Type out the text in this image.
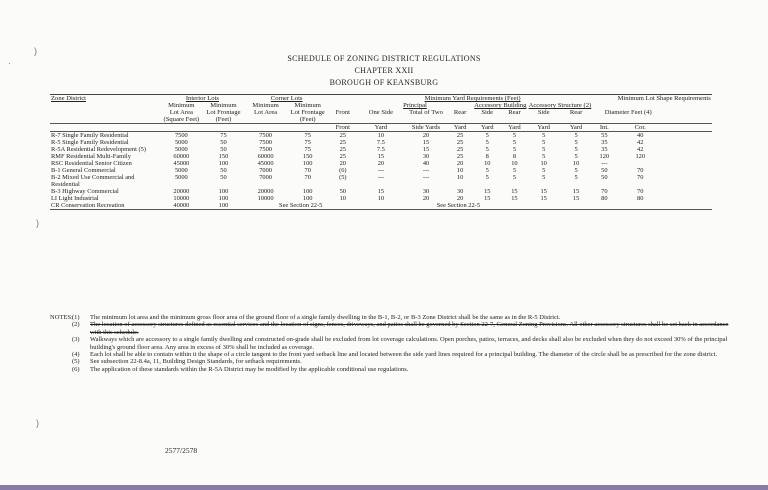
SCHEDULE OF ZONING DISTRICT REGULATIONS
CHAPTER XXII
BOROUGH OF KEANSBURG
)
·
)
)
Zone District	Interior Lots		Corner Lots		Minimum Yard Requirements (Feet)									Minimum Lot Shape Requirements	
	Minimum	Minimum	Minimum	Minimum		Principal			Accessory Building		Accessory Structure (2)				
	Lot Area (Square Feet)	Lot Frontage (Feet)	Lot Area	Lot Frontage (Feet)	Front	One Side	Total of Two	Rear	Side	Rear	Side	Rear	Diameter Feet (4)		
					Front	Yard	Side Yards	Yard	Yard	Yard	Yard	Yard	Int.	Cor.	
R-7 Single Family Residential	7500	75	7500	75	25	10	20	25	5	5	5	5	55	40	
R-5 Single Family Residential	5000	50	7500	75	25	7.5	15	25	5	5	5	5	35	42	
R-5A Residential Redevelopment (5)	5000	50	7500	75	25	7.5	15	25	5	5	5	5	35	42	
RMF Residential Multi-Family	60000	150	60000	150	25	15	30	25	8	8	5	5	120	120	
RSC Residential Senior Citizen	45000	100	45000	100	20	20	40	20	10	10	10	10	---		
B-1 General Commercial	5000	50	7000	70	(6)	---	---	10	5	5	5	5	50	70	
B-2 Mixed Use Commercial and Residential	5000	50	7000	70	(5)	---	---	10	5	5	5	5	50	70	
B-3 Highway Commercial	20000	100	20000	100	50	15	30	30	15	15	15	15	70	70	
LI Light Industrial	10000	100	10000	100	10	10	20	20	15	15	15	15	80	80	
CR Conservation Recreation	40000	100	See Section 22-5			See Section 22-5									
NOTES: (1)	The minimum lot area and the minimum gross floor area of the ground floor of a single family dwelling in the B-1, B-2, or B-3 Zone District shall be the same as in the R-5 District.
(2)	The location of accessory structures defined as essential services and the location of signs, fences, driveways, and patios shall be governed by Section 22-7, General Zoning Provisions. All other accessory structures shall be set back in accordance with this schedule.
(3)	Walkways which are accessory to a single family dwelling and constructed on-grade shall be excluded from lot coverage calculations. Open porches, patios, terraces, and decks shall also be excluded when they do not exceed 30% of the principal building's ground floor area. Any area in excess of 30% shall be included as coverage.
(4)	Each lot shall be able to contain within it the shape of a circle tangent to the front yard setback line and located between the side yard lines required for a principal building. The diameter of the circle shall be as prescribed for the zone district.
(5)	See subsection 22-8.4a, 11, Building Design Standards, for setback requirements.
(6)	The application of these standards within the R-5A District may be modified by the applicable conditional use regulations.
2577/2578
